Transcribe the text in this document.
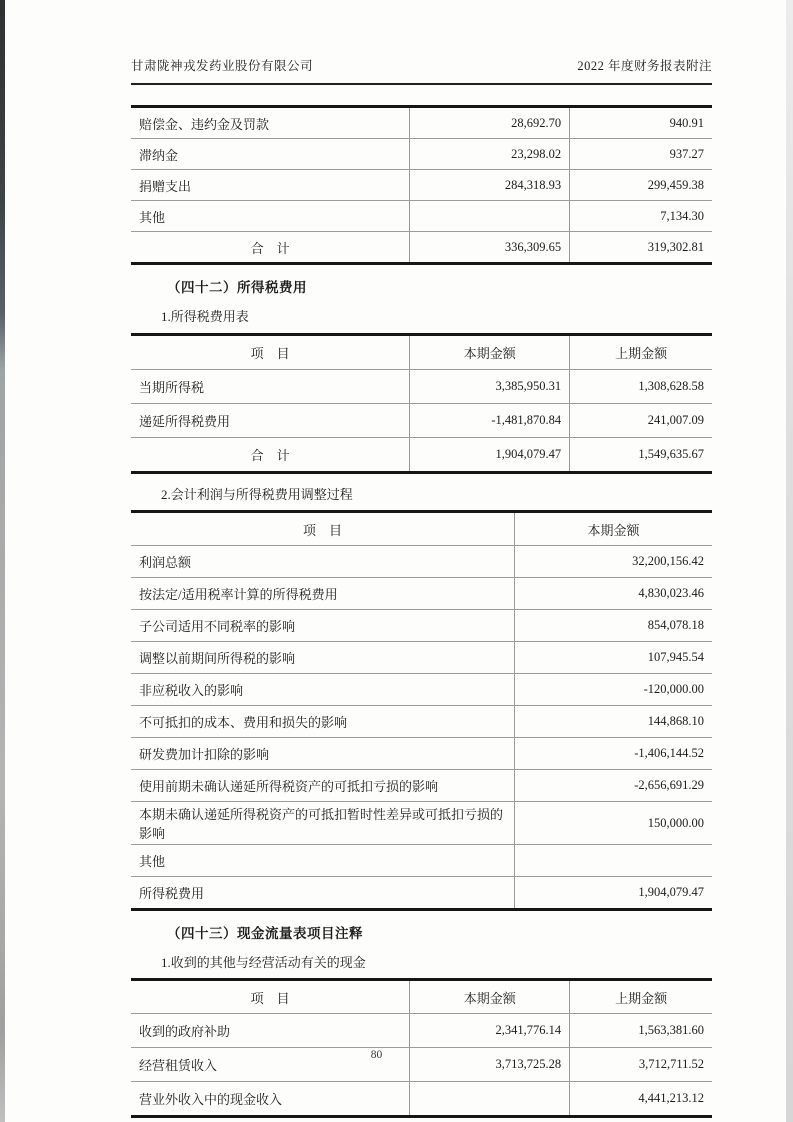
甘肃陇神戎发药业股份有限公司	2022 年度财务报表附注
赔偿金、违约金及罚款	28,692.70	940.91
滞纳金	23,298.02	937.27
捐赠支出	284,318.93	299,459.38
其他		7,134.30
合　计	336,309.65	319,302.81
（四十二）所得税费用
1.所得税费用表
项　目	本期金额	上期金额
当期所得税	3,385,950.31	1,308,628.58
递延所得税费用	-1,481,870.84	241,007.09
合　计	1,904,079.47	1,549,635.67
2.会计利润与所得税费用调整过程
项　目	本期金额
利润总额	32,200,156.42
按法定/适用税率计算的所得税费用	4,830,023.46
子公司适用不同税率的影响	854,078.18
调整以前期间所得税的影响	107,945.54
非应税收入的影响	-120,000.00
不可抵扣的成本、费用和损失的影响	144,868.10
研发费加计扣除的影响	-1,406,144.52
使用前期未确认递延所得税资产的可抵扣亏损的影响	-2,656,691.29
本期未确认递延所得税资产的可抵扣暂时性差异或可抵扣亏损的影响	150,000.00
其他	
所得税费用	1,904,079.47
（四十三）现金流量表项目注释
1.收到的其他与经营活动有关的现金
项　目	本期金额	上期金额
收到的政府补助	2,341,776.14	1,563,381.60
经营租赁收入	3,713,725.28	3,712,711.52
营业外收入中的现金收入		4,441,213.12
80
